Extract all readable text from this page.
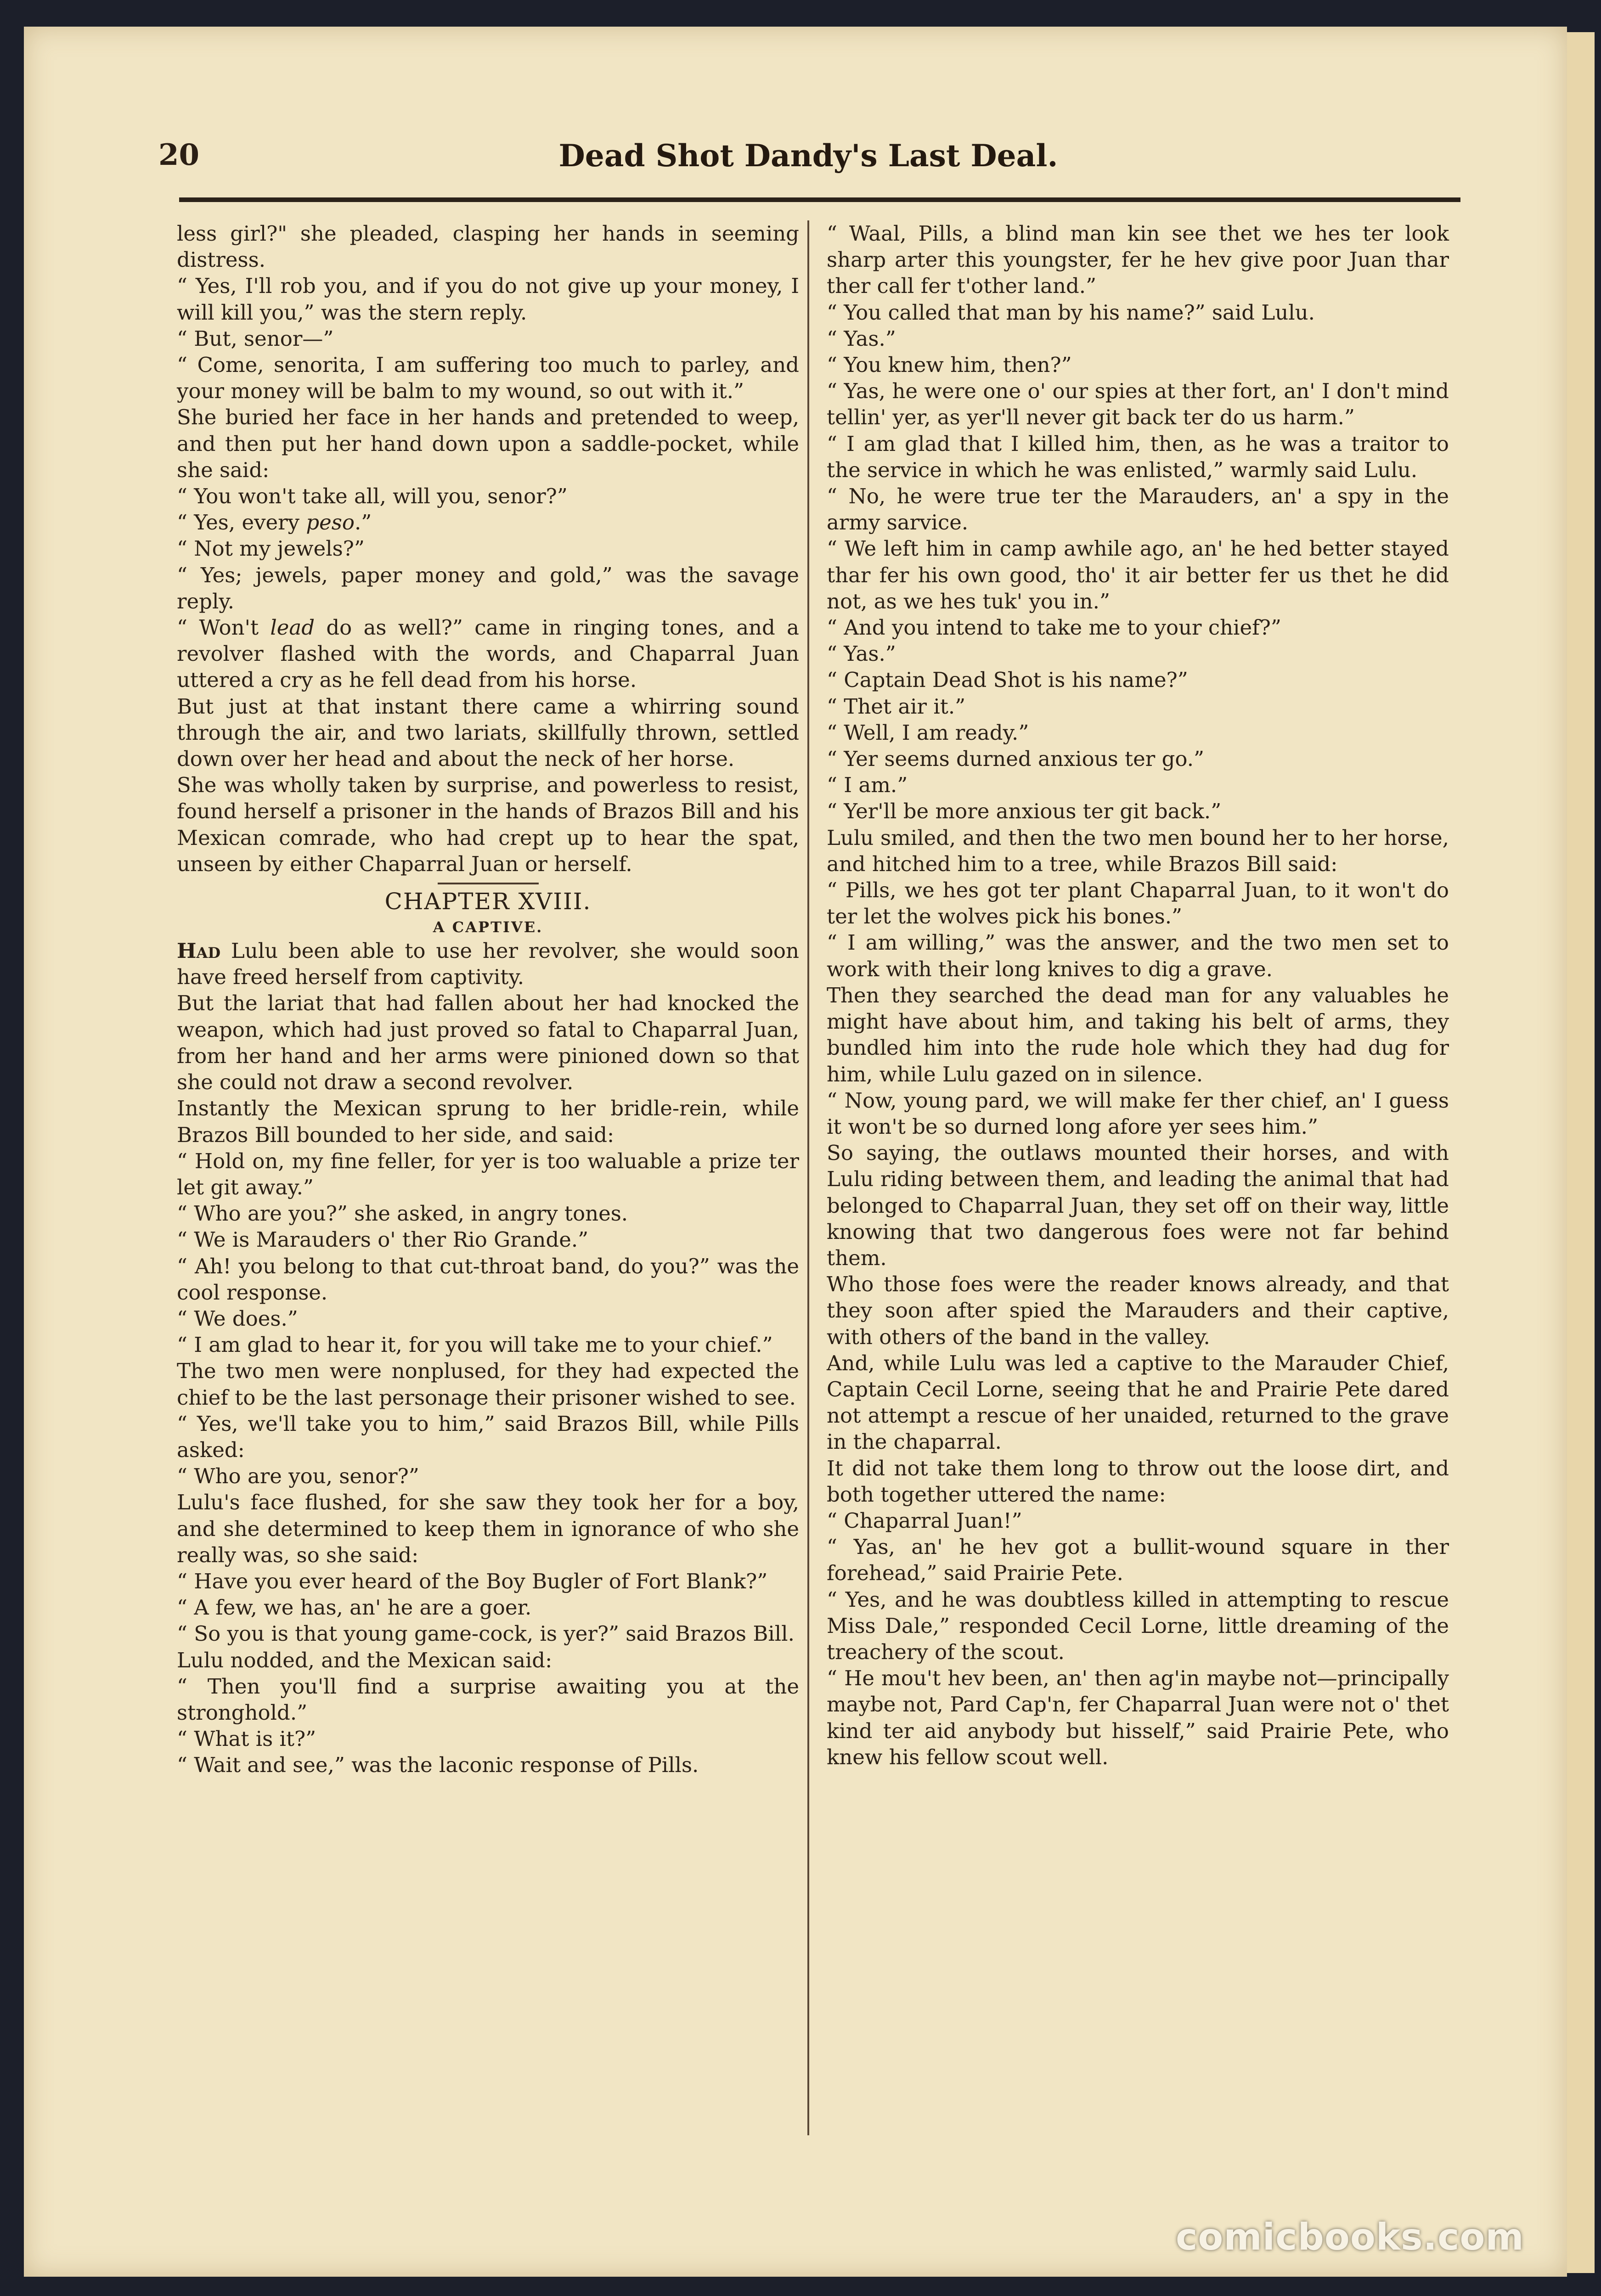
20	Dead Shot Dandy's Last Deal.

less girl?" she pleaded, clasping her hands in seeming distress.

“ Yes, I'll rob you, and if you do not give up your money, I will kill you,” was the stern reply.

“ But, senor—”

“ Come, senorita, I am suffering too much to parley, and your money will be balm to my wound, so out with it.”

She buried her face in her hands and pretended to weep, and then put her hand down upon a saddle-pocket, while she said:

“ You won't take all, will you, senor?”

“ Yes, every peso.”

“ Not my jewels?”

“ Yes; jewels, paper money and gold,” was the savage reply.

“ Won't lead do as well?” came in ringing tones, and a revolver flashed with the words, and Chaparral Juan uttered a cry as he fell dead from his horse.

But just at that instant there came a whirring sound through the air, and two lariats, skillfully thrown, settled down over her head and about the neck of her horse.

She was wholly taken by surprise, and powerless to resist, found herself a prisoner in the hands of Brazos Bill and his Mexican comrade, who had crept up to hear the spat, unseen by either Chaparral Juan or herself.

CHAPTER XVIII.
A CAPTIVE.

Had Lulu been able to use her revolver, she would soon have freed herself from captivity.

But the lariat that had fallen about her had knocked the weapon, which had just proved so fatal to Chaparral Juan, from her hand and her arms were pinioned down so that she could not draw a second revolver.

Instantly the Mexican sprung to her bridle-rein, while Brazos Bill bounded to her side, and said:

“ Hold on, my fine feller, for yer is too waluable a prize ter let git away.”

“ Who are you?” she asked, in angry tones.

“ We is Marauders o' ther Rio Grande.”

“ Ah! you belong to that cut-throat band, do you?” was the cool response.

“ We does.”

“ I am glad to hear it, for you will take me to your chief.”

The two men were nonplused, for they had expected the chief to be the last personage their prisoner wished to see.

“ Yes, we'll take you to him,” said Brazos Bill, while Pills asked:

“ Who are you, senor?”

Lulu's face flushed, for she saw they took her for a boy, and she determined to keep them in ignorance of who she really was, so she said:

“ Have you ever heard of the Boy Bugler of Fort Blank?”

“ A few, we has, an' he are a goer.

“ So you is that young game-cock, is yer?” said Brazos Bill.

Lulu nodded, and the Mexican said:

“ Then you'll find a surprise awaiting you at the stronghold.”

“ What is it?”

“ Wait and see,” was the laconic response of Pills.

“ Waal, Pills, a blind man kin see thet we hes ter look sharp arter this youngster, fer he hev give poor Juan thar ther call fer t'other land.”

“ You called that man by his name?” said Lulu.

“ Yas.”

“ You knew him, then?”

“ Yas, he were one o' our spies at ther fort, an' I don't mind tellin' yer, as yer'll never git back ter do us harm.”

“ I am glad that I killed him, then, as he was a traitor to the service in which he was enlisted,” warmly said Lulu.

“ No, he were true ter the Marauders, an' a spy in the army sarvice.

“ We left him in camp awhile ago, an' he hed better stayed thar fer his own good, tho' it air better fer us thet he did not, as we hes tuk' you in.”

“ And you intend to take me to your chief?”

“ Yas.”

“ Captain Dead Shot is his name?”

“ Thet air it.”

“ Well, I am ready.”

“ Yer seems durned anxious ter go.”

“ I am.”

“ Yer'll be more anxious ter git back.”

Lulu smiled, and then the two men bound her to her horse, and hitched him to a tree, while Brazos Bill said:

“ Pills, we hes got ter plant Chaparral Juan, to it won't do ter let the wolves pick his bones.”

“ I am willing,” was the answer, and the two men set to work with their long knives to dig a grave.

Then they searched the dead man for any valuables he might have about him, and taking his belt of arms, they bundled him into the rude hole which they had dug for him, while Lulu gazed on in silence.

“ Now, young pard, we will make fer ther chief, an' I guess it won't be so durned long afore yer sees him.”

So saying, the outlaws mounted their horses, and with Lulu riding between them, and leading the animal that had belonged to Chaparral Juan, they set off on their way, little knowing that two dangerous foes were not far behind them.

Who those foes were the reader knows already, and that they soon after spied the Marauders and their captive, with others of the band in the valley.

And, while Lulu was led a captive to the Marauder Chief, Captain Cecil Lorne, seeing that he and Prairie Pete dared not attempt a rescue of her unaided, returned to the grave in the chaparral.

It did not take them long to throw out the loose dirt, and both together uttered the name:

“ Chaparral Juan!”

“ Yas, an' he hev got a bullit-wound square in ther forehead,” said Prairie Pete.

“ Yes, and he was doubtless killed in attempting to rescue Miss Dale,” responded Cecil Lorne, little dreaming of the treachery of the scout.

“ He mou't hev been, an' then ag'in maybe not—principally maybe not, Pard Cap'n, fer Chaparral Juan were not o' thet kind ter aid anybody but hisself,” said Prairie Pete, who knew his fellow scout well.

comicbooks.com
